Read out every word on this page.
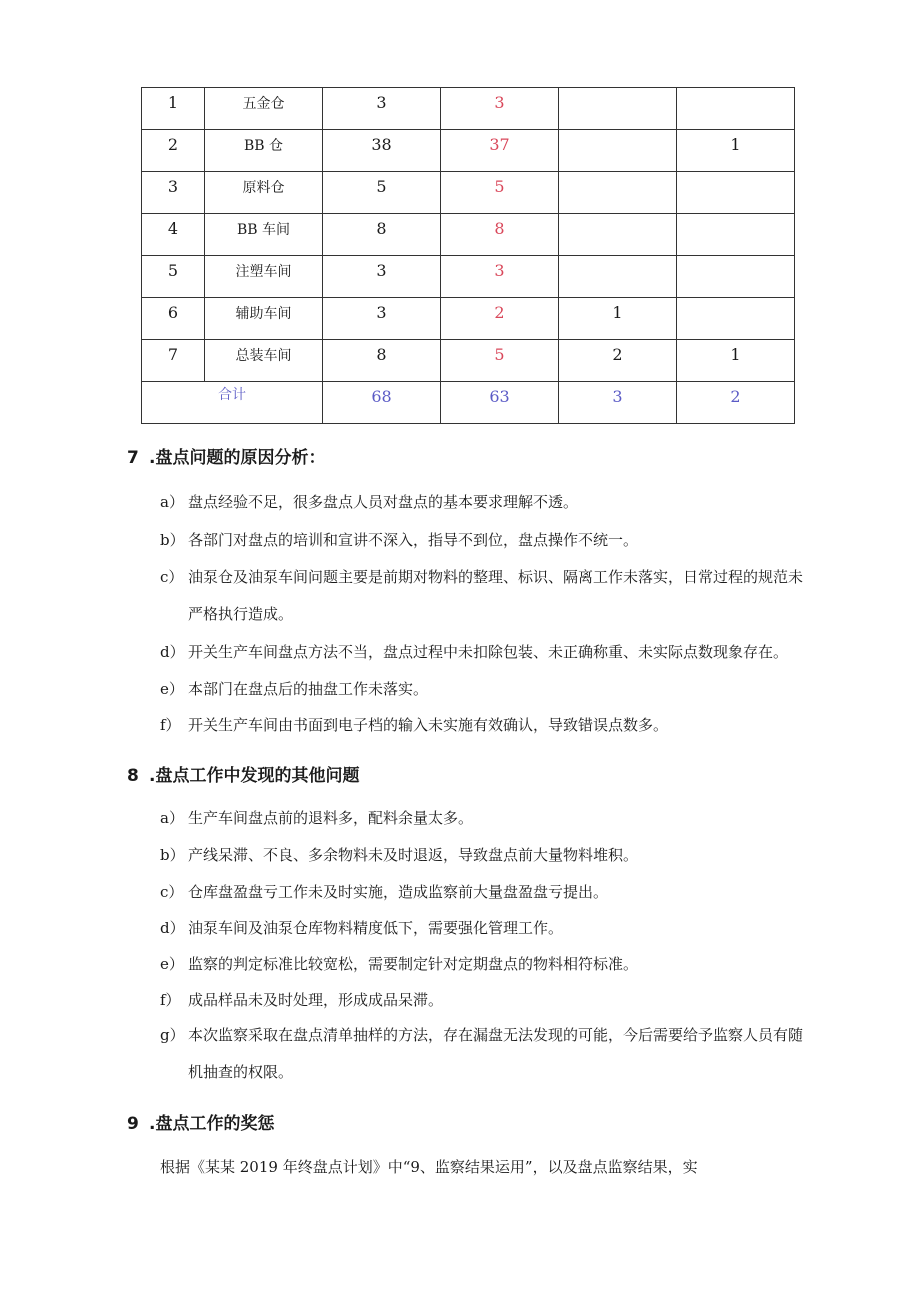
1	五金仓	3	3		
2	BB 仓	38	37		1
3	原料仓	5	5		
4	BB 车间	8	8		
5	注塑车间	3	3		
6	辅助车间	3	2	1	
7	总装车间	8	5	2	1
合计		68	63	3	2
7 .盘点问题的原因分析：
a） 盘点经验不足，很多盘点人员对盘点的基本要求理解不透。
b） 各部门对盘点的培训和宣讲不深入，指导不到位，盘点操作不统一。
c） 油泵仓及油泵车间问题主要是前期对物料的整理、标识、隔离工作未落实，日常过程的规范未
严格执行造成。
d） 开关生产车间盘点方法不当，盘点过程中未扣除包装、未正确称重、未实际点数现象存在。
e） 本部门在盘点后的抽盘工作未落实。
f） 开关生产车间由书面到电子档的输入未实施有效确认，导致错误点数多。
8 .盘点工作中发现的其他问题
a） 生产车间盘点前的退料多，配料余量太多。
b） 产线呆滞、不良、多余物料未及时退返，导致盘点前大量物料堆积。
c） 仓库盘盈盘亏工作未及时实施，造成监察前大量盘盈盘亏提出。
d） 油泵车间及油泵仓库物料精度低下，需要强化管理工作。
e） 监察的判定标准比较宽松，需要制定针对定期盘点的物料相符标准。
f） 成品样品未及时处理，形成成品呆滞。
g） 本次监察采取在盘点清单抽样的方法，存在漏盘无法发现的可能，今后需要给予监察人员有随
机抽查的权限。
9 .盘点工作的奖惩
根据《某某 2019 年终盘点计划》中“9、监察结果运用”，以及盘点监察结果，实
